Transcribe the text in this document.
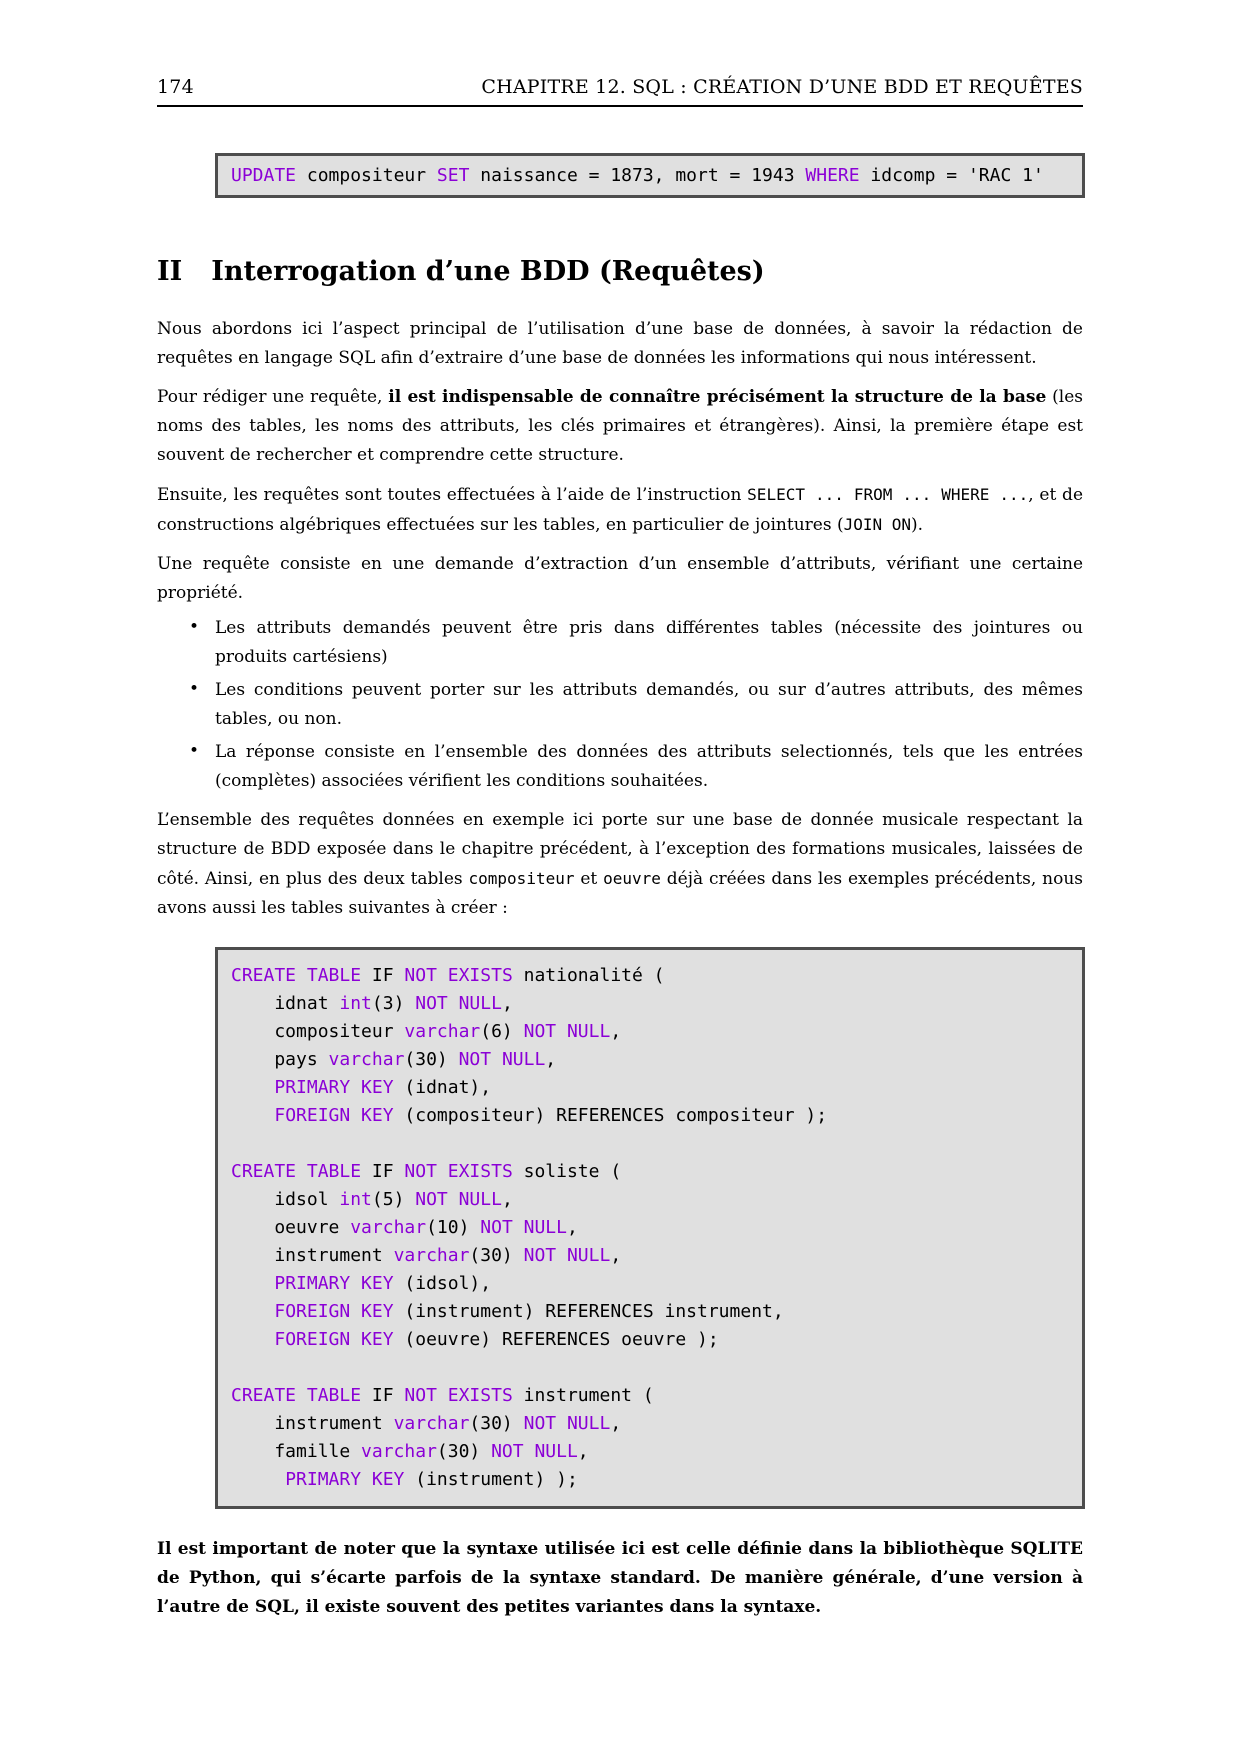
174	CHAPITRE 12. SQL : CRÉATION D’UNE BDD ET REQUÊTES
UPDATE compositeur SET naissance = 1873, mort = 1943 WHERE idcomp = 'RAC 1'
II Interrogation d’une BDD (Requêtes)

Nous abordons ici l’aspect principal de l’utilisation d’une base de données, à savoir la rédaction de requêtes en langage SQL afin d’extraire d’une base de données les informations qui nous intéressent.

Pour rédiger une requête, il est indispensable de connaître précisément la structure de la base (les noms des tables, les noms des attributs, les clés primaires et étrangères). Ainsi, la première étape est souvent de rechercher et comprendre cette structure.

Ensuite, les requêtes sont toutes effectuées à l’aide de l’instruction SELECT ... FROM ... WHERE ..., et de constructions algébriques effectuées sur les tables, en particulier de jointures (JOIN ON).

Une requête consiste en une demande d’extraction d’un ensemble d’attributs, vérifiant une certaine propriété.

• Les attributs demandés peuvent être pris dans différentes tables (nécessite des jointures ou produits cartésiens)
• Les conditions peuvent porter sur les attributs demandés, ou sur d’autres attributs, des mêmes tables, ou non.
• La réponse consiste en l’ensemble des données des attributs selectionnés, tels que les entrées (complètes) associées vérifient les conditions souhaitées.

L’ensemble des requêtes données en exemple ici porte sur une base de donnée musicale respectant la structure de BDD exposée dans le chapitre précédent, à l’exception des formations musicales, laissées de côté. Ainsi, en plus des deux tables compositeur et oeuvre déjà créées dans les exemples précédents, nous avons aussi les tables suivantes à créer :

CREATE TABLE IF NOT EXISTS nationalité (
idnat int(3) NOT NULL,
compositeur varchar(6) NOT NULL,
pays varchar(30) NOT NULL,
PRIMARY KEY (idnat),
FOREIGN KEY (compositeur) REFERENCES compositeur );

CREATE TABLE IF NOT EXISTS soliste (
idsol int(5) NOT NULL,
oeuvre varchar(10) NOT NULL,
instrument varchar(30) NOT NULL,
PRIMARY KEY (idsol),
FOREIGN KEY (instrument) REFERENCES instrument,
FOREIGN KEY (oeuvre) REFERENCES oeuvre );

CREATE TABLE IF NOT EXISTS instrument (
instrument varchar(30) NOT NULL,
famille varchar(30) NOT NULL,
PRIMARY KEY (instrument) );

Il est important de noter que la syntaxe utilisée ici est celle définie dans la bibliothèque SQLITE de Python, qui s’écarte parfois de la syntaxe standard. De manière générale, d’une version à l’autre de SQL, il existe souvent des petites variantes dans la syntaxe.
